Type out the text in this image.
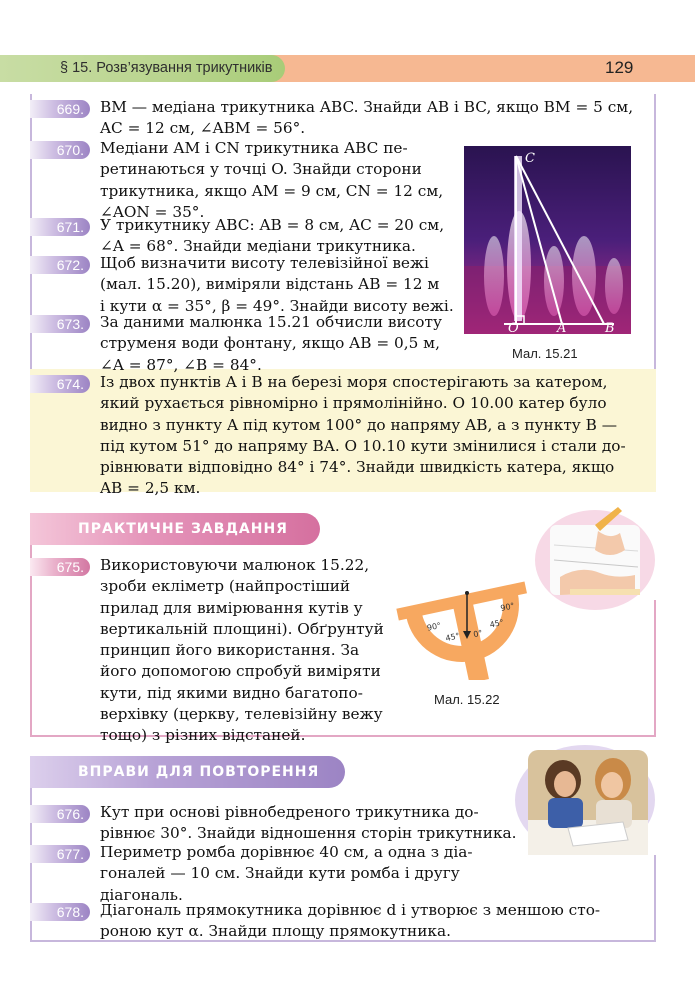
§ 15. Розв’язування трикутників	129
669.	BM — медіана трикутника ABC. Знайди AB і BC, якщо BM = 5 см,
AC = 12 см, ∠ABM = 56°.
670.	Медіани AM і CN трикутника ABC пе-
ретинаються у точці O. Знайди сторони
трикутника, якщо AM = 9 см, CN = 12 см,
∠AON = 35°.
671.	У трикутнику ABC: AB = 8 см, AC = 20 см,
∠A = 68°. Знайди медіани трикутника.
672.	Щоб визначити висоту телевізійної вежі
(мал. 15.20), виміряли відстань AB = 12 м
і кути α = 35°, β = 49°. Знайди висоту вежі.
673.	За даними малюнка 15.21 обчисли висоту
струменя води фонтану, якщо AB = 0,5 м,
∠A = 87°, ∠B = 84°.
C
O	A	B
Мал. 15.21
674.	Із двох пунктів A і B на березі моря спостерігають за катером,
який рухається рівномірно і прямолінійно. О 10.00 катер було
видно з пункту A під кутом 100° до напряму AB, а з пункту B —
під кутом 51° до напряму BA. О 10.10 кути змінилися і стали до-
рівнювати відповідно 84° і 74°. Знайди швидкість катера, якщо
AB = 2,5 км.
ПРАКТИЧНЕ ЗАВДАННЯ
675.	Використовуючи малюнок 15.22,
зроби екліметр (найпростіший
прилад для вимірювання кутів у
вертикальній площині). Обґрунтуй
принцип його використання. За
його допомогою спробуй виміряти
кути, під якими видно багатопо-
верхівку (церкву, телевізійну вежу
тощо) з різних відстаней.
90°
45° 0°
45°
90°
Мал. 15.22
ВПРАВИ ДЛЯ ПОВТОРЕННЯ
676.	Кут при основі рівнобедреного трикутника до-
рівнює 30°. Знайди відношення сторін трикутника.
677.	Периметр ромба дорівнює 40 см, а одна з діа-
гоналей — 10 см. Знайди кути ромба і другу
діагональ.
678.	Діагональ прямокутника дорівнює d і утворює з меншою сто-
роною кут α. Знайди площу прямокутника.
